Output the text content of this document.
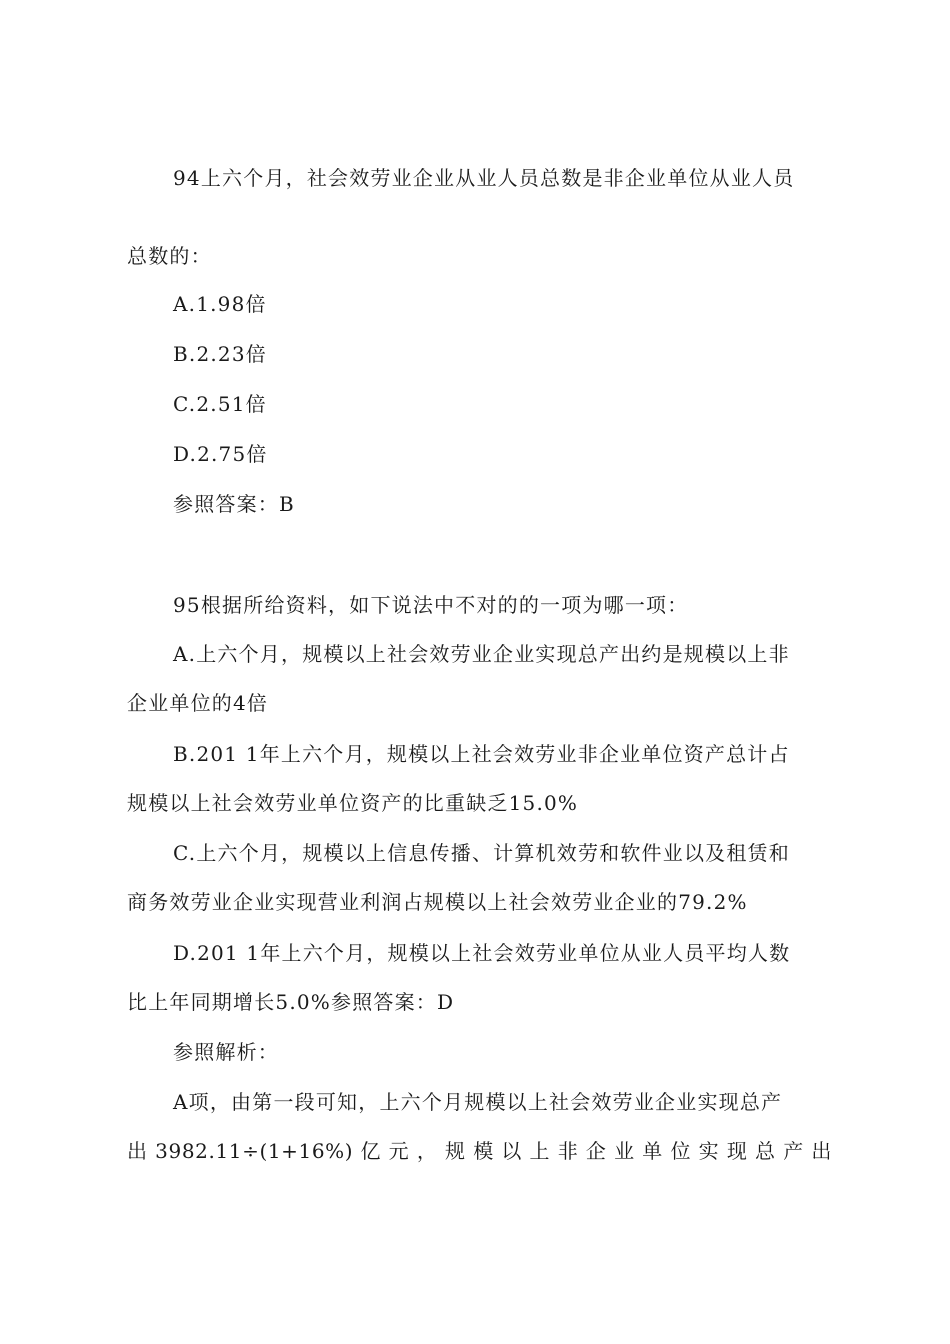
94上六个月，社会效劳业企业从业人员总数是非企业单位从业人员
总数的：
A.1.98倍
B.2.23倍
C.2.51倍
D.2.75倍
参照答案：B
95根据所给资料，如下说法中不对的的一项为哪一项：
A.上六个月，规模以上社会效劳业企业实现总产出约是规模以上非
企业单位的4倍
B.201 1年上六个月，规模以上社会效劳业非企业单位资产总计占
规模以上社会效劳业单位资产的比重缺乏15.0%
C.上六个月，规模以上信息传播、计算机效劳和软件业以及租赁和
商务效劳业企业实现营业利润占规模以上社会效劳业企业的79.2%
D.201 1年上六个月，规模以上社会效劳业单位从业人员平均人数
比上年同期增长5.0%参照答案：D
参照解析：
A项，由第一段可知，上六个月规模以上社会效劳业企业实现总产
出 3982.11÷(1+16%) 亿 元 ， 规 模 以 上 非 企 业 单 位 实 现 总 产 出
